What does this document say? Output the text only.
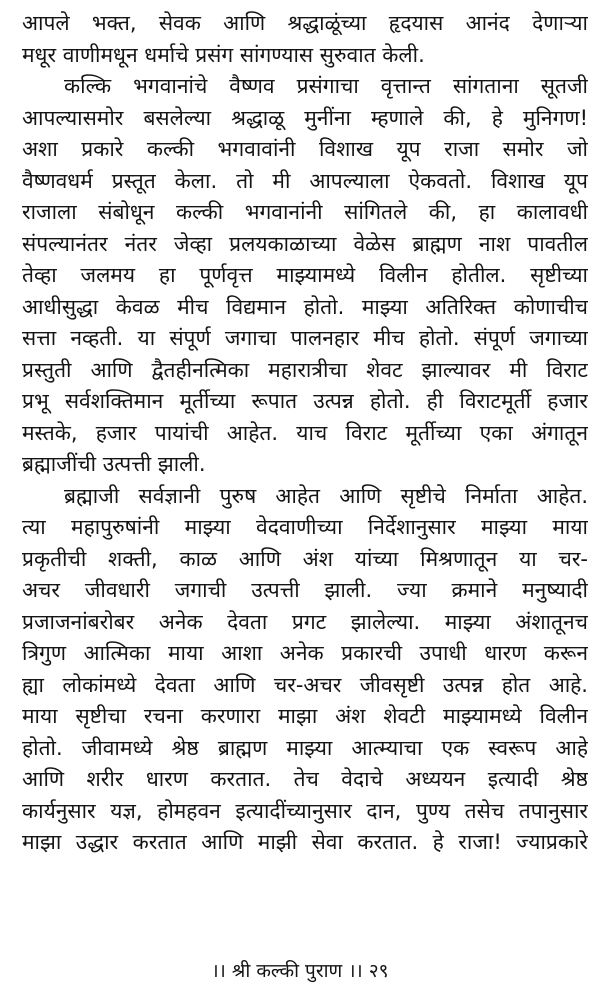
आपले भक्त, सेवक आणि श्रद्धाळूंच्या हृदयास आनंद देणाऱ्या
मधूर वाणीमधून धर्माचे प्रसंग सांगण्यास सुरुवात केली.
कल्कि भगवानांचे वैष्णव प्रसंगाचा वृत्तान्त सांगताना सूतजी
आपल्यासमोर बसलेल्या श्रद्धाळू मुनींना म्हणाले की, हे मुनिगण!
अशा प्रकारे कल्की भगवावांनी विशाख यूप राजा समोर जो
वैष्णवधर्म प्रस्तूत केला. तो मी आपल्याला ऐकवतो. विशाख यूप
राजाला संबोधून कल्की भगवानांनी सांगितले की, हा कालावधी
संपल्यानंतर नंतर जेव्हा प्रलयकाळाच्या वेळेस ब्राह्मण नाश पावतील
तेव्हा जलमय हा पूर्णवृत्त माझ्यामध्ये विलीन होतील. सृष्टीच्या
आधीसुद्धा केवळ मीच विद्यमान होतो. माझ्या अतिरिक्त कोणाचीच
सत्ता नव्हती. या संपूर्ण जगाचा पालनहार मीच होतो. संपूर्ण जगाच्या
प्रस्तुती आणि द्वैतहीनत्मिका महारात्रीचा शेवट झाल्यावर मी विराट
प्रभू सर्वशक्तिमान मूर्तीच्या रूपात उत्पन्न होतो. ही विराटमूर्ती हजार
मस्तके, हजार पायांची आहेत. याच विराट मूर्तीच्या एका अंगातून
ब्रह्माजींची उत्पत्ती झाली.
ब्रह्माजी सर्वज्ञानी पुरुष आहेत आणि सृष्टीचे निर्माता आहेत.
त्या महापुरुषांनी माझ्या वेदवाणीच्या निर्देशानुसार माझ्या माया
प्रकृतीची शक्ती, काळ आणि अंश यांच्या मिश्रणातून या चर-
अचर जीवधारी जगाची उत्पत्ती झाली. ज्या क्रमाने मनुष्यादी
प्रजाजनांबरोबर अनेक देवता प्रगट झालेल्या. माझ्या अंशातूनच
त्रिगुण आत्मिका माया आशा अनेक प्रकारची उपाधी धारण करून
ह्या लोकांमध्ये देवता आणि चर-अचर जीवसृष्टी उत्पन्न होत आहे.
माया सृष्टीचा रचना करणारा माझा अंश शेवटी माझ्यामध्ये विलीन
होतो. जीवामध्ये श्रेष्ठ ब्राह्मण माझ्या आत्म्याचा एक स्वरूप आहे
आणि शरीर धारण करतात. तेच वेदाचे अध्ययन इत्यादी श्रेष्ठ
कार्यनुसार यज्ञ, होमहवन इत्यादींच्यानुसार दान, पुण्य तसेच तपानुसार
माझा उद्धार करतात आणि माझी सेवा करतात. हे राजा! ज्याप्रकारे
।। श्री कल्की पुराण ।। २९
